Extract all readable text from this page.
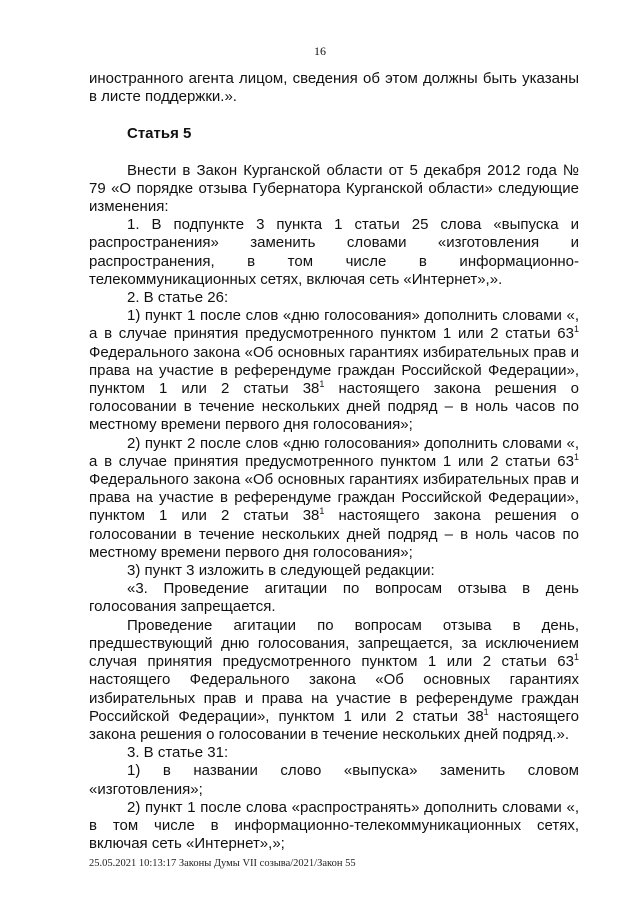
16

иностранного агента лицом, сведения об этом должны быть указаны в листе поддержки.».

Статья 5

Внести в Закон Курганской области от 5 декабря 2012 года № 79 «О порядке отзыва Губернатора Курганской области» следующие изменения:

1. В подпункте 3 пункта 1 статьи 25 слова «выпуска и распространения» заменить словами «изготовления и распространения, в том числе в информационно-телекоммуникационных сетях, включая сеть «Интернет»,».

2. В статье 26:

1) пункт 1 после слов «дню голосования» дополнить словами «, а в случае принятия предусмотренного пунктом 1 или 2 статьи $63^1$ Федерального закона «Об основных гарантиях избирательных прав и права на участие в референдуме граждан Российской Федерации», пунктом 1 или 2 статьи $38^1$ настоящего закона решения о голосовании в течение нескольких дней подряд – в ноль часов по местному времени первого дня голосования»;

2) пункт 2 после слов «дню голосования» дополнить словами «, а в случае принятия предусмотренного пунктом 1 или 2 статьи $63^1$ Федерального закона «Об основных гарантиях избирательных прав и права на участие в референдуме граждан Российской Федерации», пунктом 1 или 2 статьи $38^1$ настоящего закона решения о голосовании в течение нескольких дней подряд – в ноль часов по местному времени первого дня голосования»;

3) пункт 3 изложить в следующей редакции:

«3. Проведение агитации по вопросам отзыва в день голосования запрещается.

Проведение агитации по вопросам отзыва в день, предшествующий дню голосования, запрещается, за исключением случая принятия предусмотренного пунктом 1 или 2 статьи $63^1$ настоящего Федерального закона «Об основных гарантиях избирательных прав и права на участие в референдуме граждан Российской Федерации», пунктом 1 или 2 статьи $38^1$ настоящего закона решения о голосовании в течение нескольких дней подряд.».

3. В статье 31:

1) в названии слово «выпуска» заменить словом «изготовления»;

2) пункт 1 после слова «распространять» дополнить словами «, в том числе в информационно-телекоммуникационных сетях, включая сеть «Интернет»,»;

25.05.2021 10:13:17 Законы Думы VII созыва/2021/Закон 55
